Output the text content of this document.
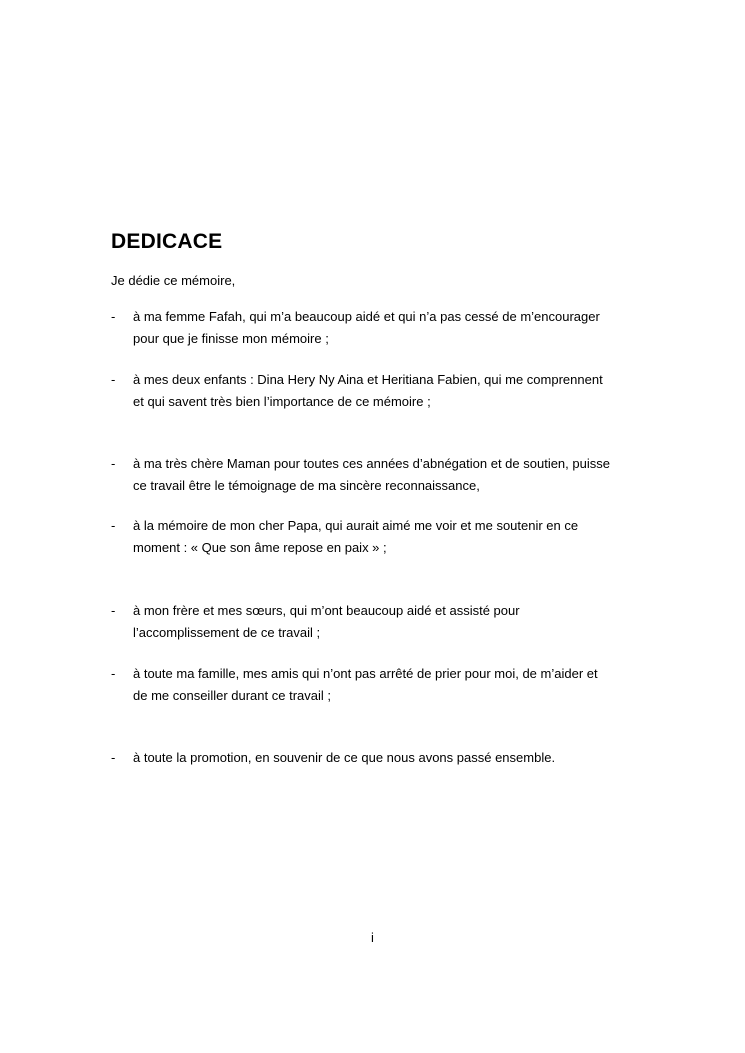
DEDICACE

Je dédie ce mémoire,

-	à ma femme Fafah, qui m’a beaucoup aidé et qui n’a pas cessé de m’encourager
pour que je finisse mon mémoire ;
-	à mes deux enfants : Dina Hery Ny Aina et Heritiana Fabien, qui me comprennent
et qui savent très bien l’importance de ce mémoire ;
-	à ma très chère Maman pour toutes ces années d’abnégation et de soutien, puisse
ce travail être le témoignage de ma sincère reconnaissance,
-	à la mémoire de mon cher Papa, qui aurait aimé me voir et me soutenir en ce
moment : « Que son âme repose en paix » ;
-	à mon frère et mes sœurs, qui m’ont beaucoup aidé et assisté pour
l’accomplissement de ce travail ;
-	à toute ma famille, mes amis qui n’ont pas arrêté de prier pour moi, de m’aider et
de me conseiller durant ce travail ;
-	à toute la promotion, en souvenir de ce que nous avons passé ensemble.
i
